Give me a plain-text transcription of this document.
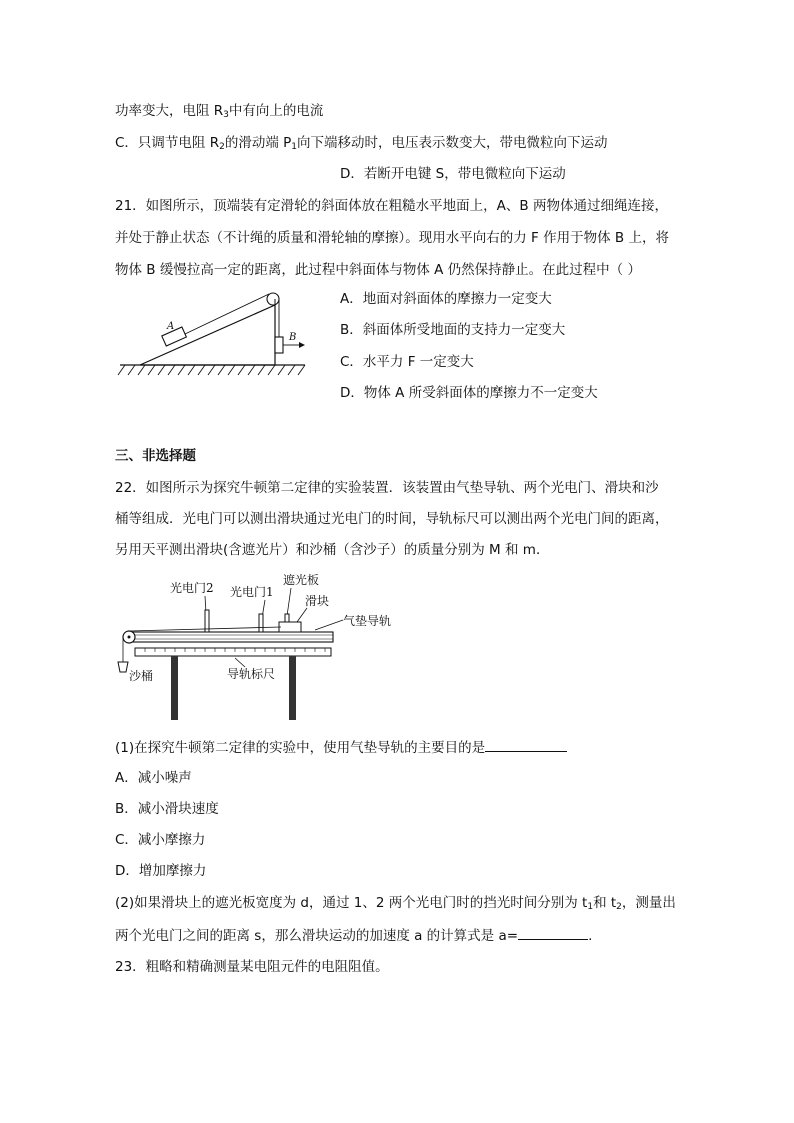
功率变大，电阻 $R_3$中有向上的电流
C．只调节电阻 $R_2$的滑动端 $P_1$向下端移动时，电压表示数变大，带电微粒向下运动
D．若断开电键 S，带电微粒向下运动
21．如图所示，顶端装有定滑轮的斜面体放在粗糙水平地面上，A、B 两物体通过细绳连接，
并处于静止状态（不计绳的质量和滑轮轴的摩擦）。现用水平向右的力 F 作用于物体 B 上，将
物体 B 缓慢拉高一定的距离，此过程中斜面体与物体 A 仍然保持静止。在此过程中（ ）
A
B
A．地面对斜面体的摩擦力一定变大
B．斜面体所受地面的支持力一定变大
C．水平力 F 一定变大
D．物体 A 所受斜面体的摩擦力不一定变大
三、非选择题
22．如图所示为探究牛顿第二定律的实验装置．该装置由气垫导轨、两个光电门、滑块和沙
桶等组成．光电门可以测出滑块通过光电门的时间，导轨标尺可以测出两个光电门间的距离，
另用天平测出滑块(含遮光片）和沙桶（含沙子）的质量分别为 M 和 m．
光电门2 光电门1
遮光板
滑块
气垫导轨
导轨标尺
沙桶
(1)在探究牛顿第二定律的实验中，使用气垫导轨的主要目的是
A．减小噪声
B．减小滑块速度
C．减小摩擦力
D．增加摩擦力
(2)如果滑块上的遮光板宽度为 d，通过 1、2 两个光电门时的挡光时间分别为 $t_1$和 $t_2$，测量出
两个光电门之间的距离 s，那么滑块运动的加速度 a 的计算式是 a=	.
23．粗略和精确测量某电阻元件的电阻阻值。
